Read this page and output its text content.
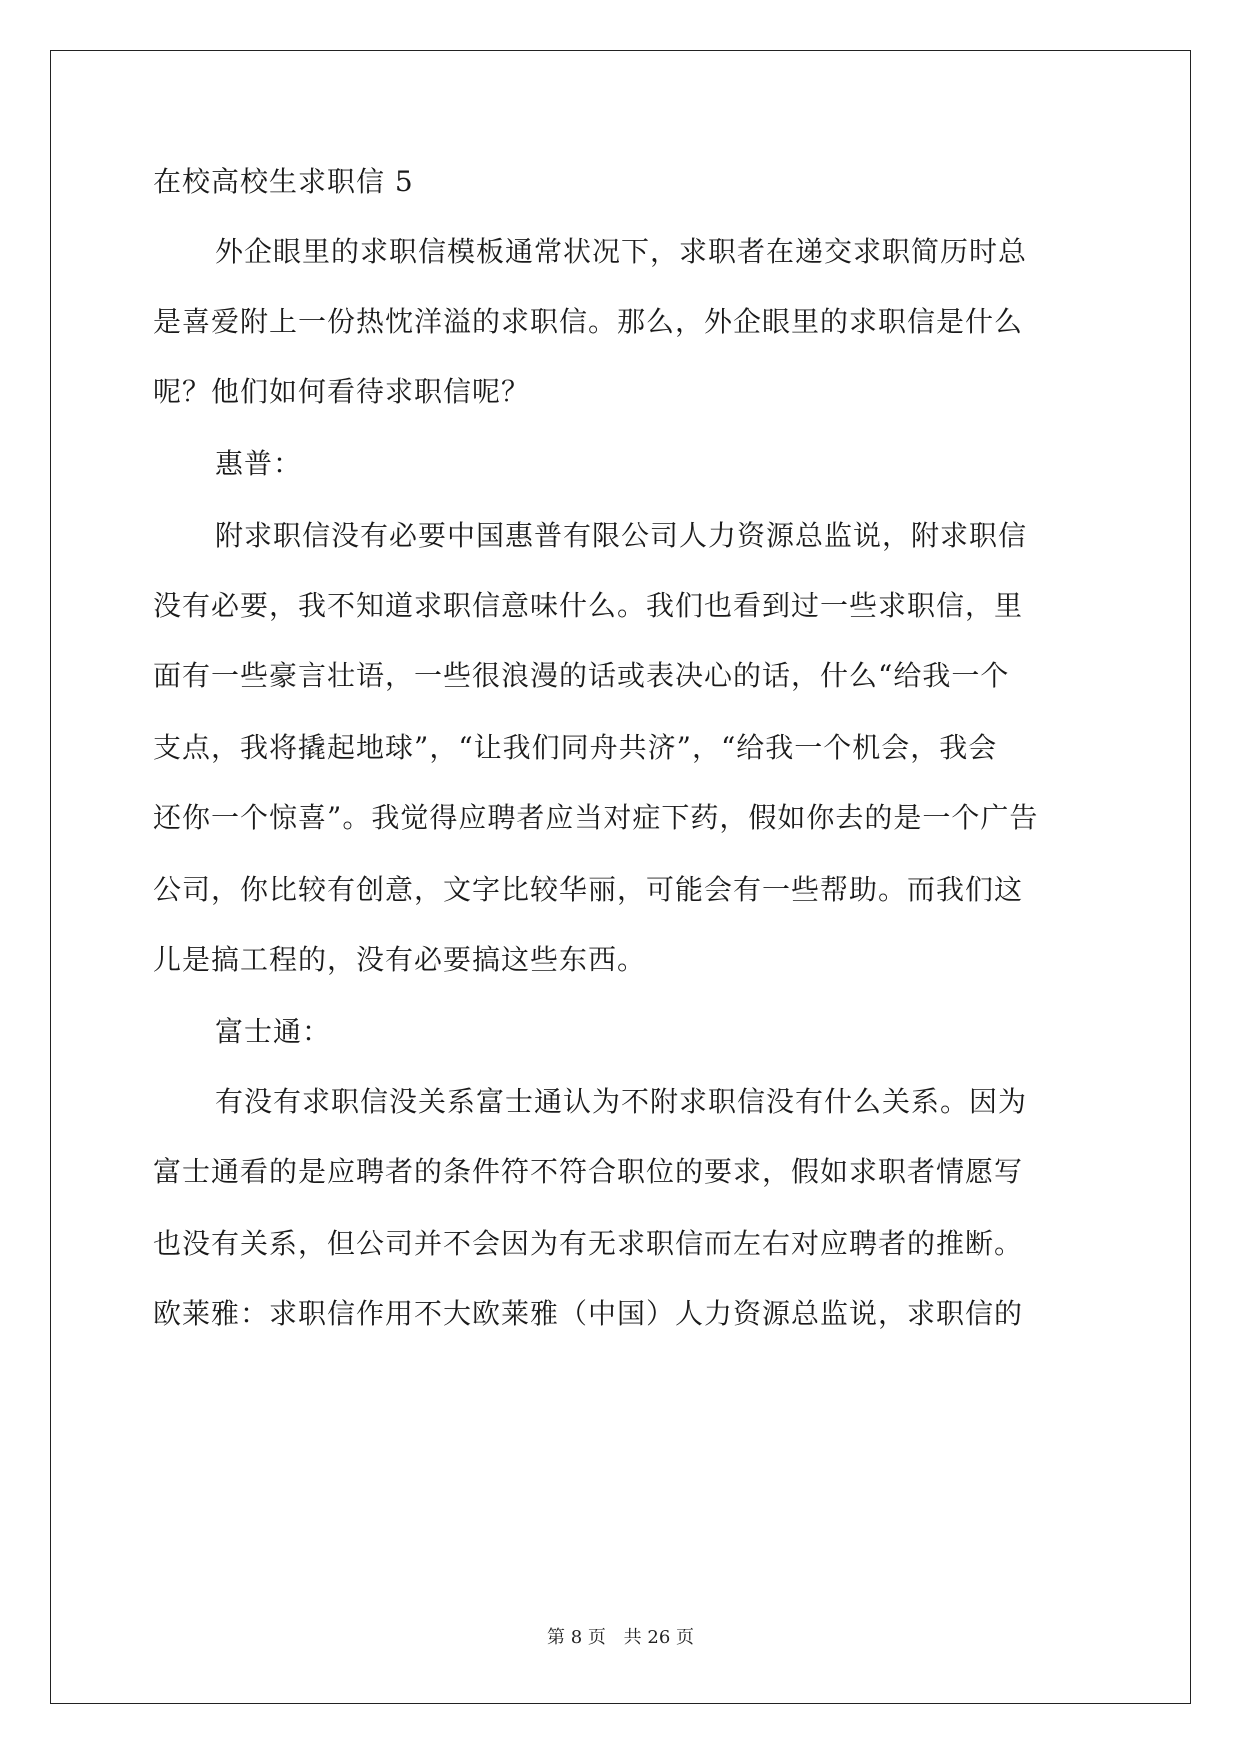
在校高校生求职信 5
外企眼里的求职信模板通常状况下，求职者在递交求职简历时总
是喜爱附上一份热忱洋溢的求职信。那么，外企眼里的求职信是什么
呢？他们如何看待求职信呢？
惠普：
附求职信没有必要中国惠普有限公司人力资源总监说，附求职信
没有必要，我不知道求职信意味什么。我们也看到过一些求职信，里
面有一些豪言壮语，一些很浪漫的话或表决心的话，什么“给我一个
支点，我将撬起地球”，“让我们同舟共济”，“给我一个机会，我会
还你一个惊喜”。我觉得应聘者应当对症下药，假如你去的是一个广告
公司，你比较有创意，文字比较华丽，可能会有一些帮助。而我们这
儿是搞工程的，没有必要搞这些东西。
富士通：
有没有求职信没关系富士通认为不附求职信没有什么关系。因为
富士通看的是应聘者的条件符不符合职位的要求，假如求职者情愿写
也没有关系，但公司并不会因为有无求职信而左右对应聘者的推断。
欧莱雅：求职信作用不大欧莱雅（中国）人力资源总监说，求职信的
第 8 页 共 26 页
